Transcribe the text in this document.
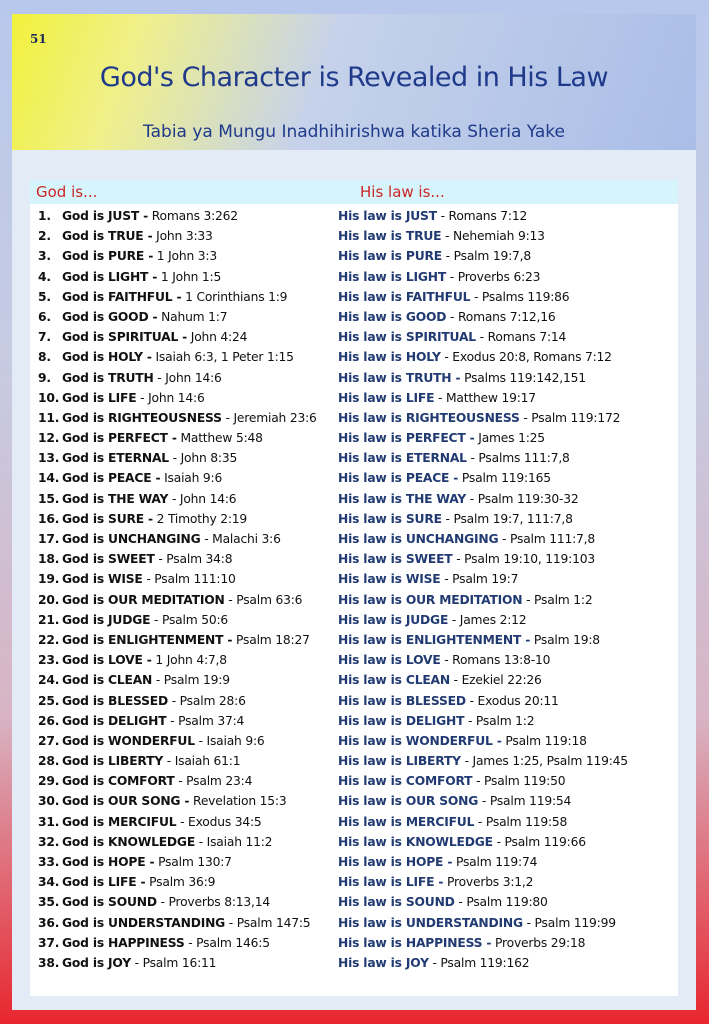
51
God's Character is Revealed in His Law
Tabia ya Mungu Inadhihirishwa katika Sheria Yake
God is...	His law is...
1. God is JUST - Romans 3:262	His law is JUST - Romans 7:12
2. God is TRUE - John 3:33	His law is TRUE - Nehemiah 9:13
3. God is PURE - 1 John 3:3	His law is PURE - Psalm 19:7,8
4. God is LIGHT - 1 John 1:5	His law is LIGHT - Proverbs 6:23
5. God is FAITHFUL - 1 Corinthians 1:9	His law is FAITHFUL - Psalms 119:86
6. God is GOOD - Nahum 1:7	His law is GOOD - Romans 7:12,16
7. God is SPIRITUAL - John 4:24	His law is SPIRITUAL - Romans 7:14
8. God is HOLY - Isaiah 6:3, 1 Peter 1:15	His law is HOLY - Exodus 20:8, Romans 7:12
9. God is TRUTH - John 14:6	His law is TRUTH - Psalms 119:142,151
10. God is LIFE - John 14:6	His law is LIFE - Matthew 19:17
11. God is RIGHTEOUSNESS - Jeremiah 23:6 His law is RIGHTEOUSNESS - Psalm 119:172
12. God is PERFECT - Matthew 5:48	His law is PERFECT - James 1:25
13. God is ETERNAL - John 8:35	His law is ETERNAL - Psalms 111:7,8
14. God is PEACE - Isaiah 9:6	His law is PEACE - Psalm 119:165
15. God is THE WAY - John 14:6	His law is THE WAY - Psalm 119:30-32
16. God is SURE - 2 Timothy 2:19	His law is SURE - Psalm 19:7, 111:7,8
17. God is UNCHANGING - Malachi 3:6	His law is UNCHANGING - Psalm 111:7,8
18. God is SWEET - Psalm 34:8	His law is SWEET - Psalm 19:10, 119:103
19. God is WISE - Psalm 111:10	His law is WISE - Psalm 19:7
20. God is OUR MEDITATION - Psalm 63:6	His law is OUR MEDITATION - Psalm 1:2
21. God is JUDGE - Psalm 50:6	His law is JUDGE - James 2:12
22. God is ENLIGHTENMENT - Psalm 18:27 His law is ENLIGHTENMENT - Psalm 19:8
23. God is LOVE - 1 John 4:7,8	His law is LOVE - Romans 13:8-10
24. God is CLEAN - Psalm 19:9	His law is CLEAN - Ezekiel 22:26
25. God is BLESSED - Psalm 28:6	His law is BLESSED - Exodus 20:11
26. God is DELIGHT - Psalm 37:4	His law is DELIGHT - Psalm 1:2
27. God is WONDERFUL - Isaiah 9:6	His law is WONDERFUL - Psalm 119:18
28. God is LIBERTY - Isaiah 61:1	His law is LIBERTY - James 1:25, Psalm 119:45
29. God is COMFORT - Psalm 23:4	His law is COMFORT - Psalm 119:50
30. God is OUR SONG - Revelation 15:3	His law is OUR SONG - Psalm 119:54
31. God is MERCIFUL - Exodus 34:5	His law is MERCIFUL - Psalm 119:58
32. God is KNOWLEDGE - Isaiah 11:2	His law is KNOWLEDGE - Psalm 119:66
33. God is HOPE - Psalm 130:7	His law is HOPE - Psalm 119:74
34. God is LIFE - Psalm 36:9	His law is LIFE - Proverbs 3:1,2
35. God is SOUND - Proverbs 8:13,14	His law is SOUND - Psalm 119:80
36. God is UNDERSTANDING - Psalm 147:5 His law is UNDERSTANDING - Psalm 119:99
37. God is HAPPINESS - Psalm 146:5	His law is HAPPINESS - Proverbs 29:18
38. God is JOY - Psalm 16:11	His law is JOY - Psalm 119:162
